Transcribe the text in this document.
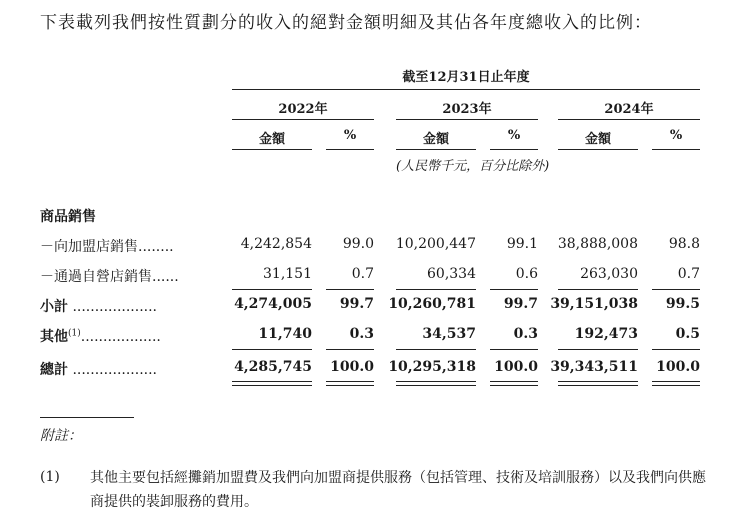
下表載列我們按性質劃分的收入的絕對金額明細及其佔各年度總收入的比例：
截至12月31日止年度
2022年	2023年	2024年
金額	%	金額	%	金額	%
(人民幣千元，百分比除外)
商品銷售
－向加盟店銷售........	4,242,854	99.0	10,200,447	99.1	38,888,008	98.8
－通過自營店銷售......	31,151	0.7	60,334	0.6	263,030	0.7
小計 ...................	4,274,005	99.7	10,260,781	99.7 39,151,038	99.5
其他$^{(1)}$..................	11,740	0.3	34,537	0.3	192,473	0.5
總計 ...................	4,285,745 100.0	10,295,318 100.0 39,343,511 100.0
附註：
(1) 其他主要包括經攤銷加盟費及我們向加盟商提供服務（包括管理、技術及培訓服務）以及我們向供應商提供的裝卸服務的費用。
